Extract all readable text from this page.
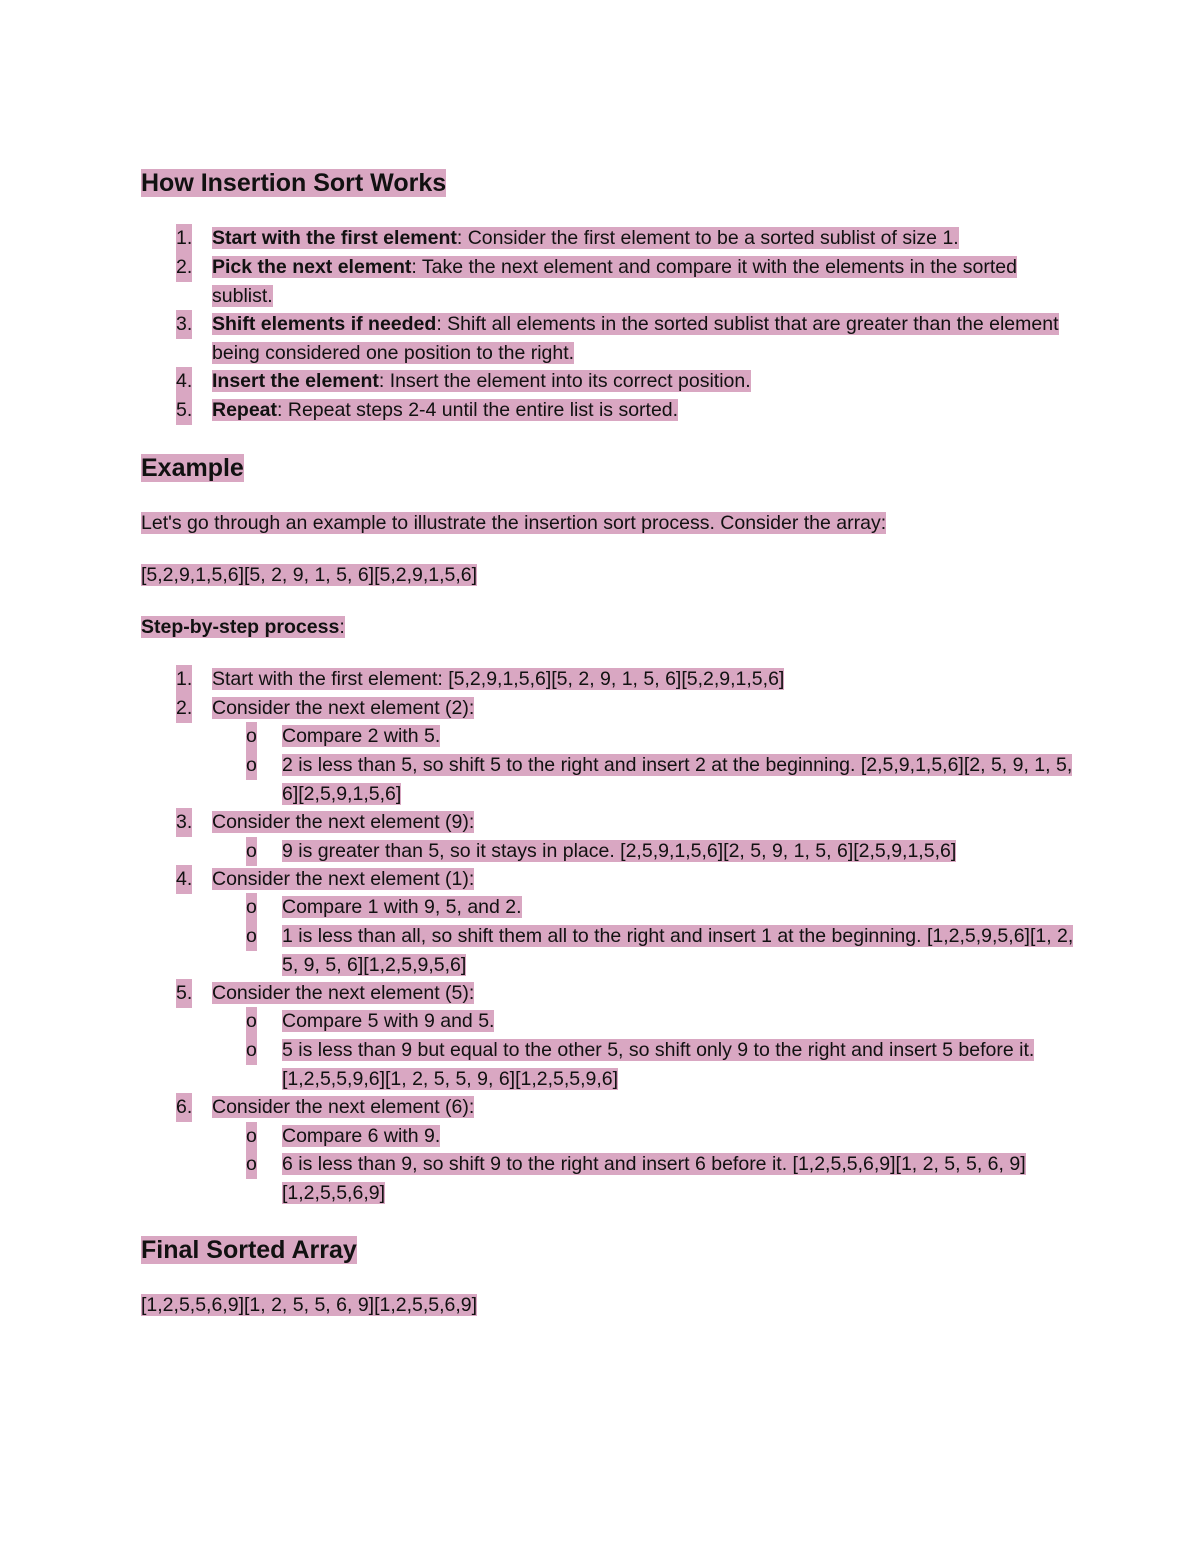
How Insertion Sort Works
1. Start with the first element: Consider the first element to be a sorted sublist of size 1.
2. Pick the next element: Take the next element and compare it with the elements in the sorted sublist.
3. Shift elements if needed: Shift all elements in the sorted sublist that are greater than the element being considered one position to the right.
4. Insert the element: Insert the element into its correct position.
5. Repeat: Repeat steps 2-4 until the entire list is sorted.
Example

Let's go through an example to illustrate the insertion sort process. Consider the array:

[5,2,9,1,5,6][5, 2, 9, 1, 5, 6][5,2,9,1,5,6]

Step-by-step process:

1. Start with the first element: [5,2,9,1,5,6][5, 2, 9, 1, 5, 6][5,2,9,1,5,6]
2. Consider the next element (2):
o Compare 2 with 5.
o 2 is less than 5, so shift 5 to the right and insert 2 at the beginning. [2,5,9,1,5,6][2, 5, 9, 1, 5, 6][2,5,9,1,5,6]
3. Consider the next element (9):
o 9 is greater than 5, so it stays in place. [2,5,9,1,5,6][2, 5, 9, 1, 5, 6][2,5,9,1,5,6]
4. Consider the next element (1):
o Compare 1 with 9, 5, and 2.
o 1 is less than all, so shift them all to the right and insert 1 at the beginning. [1,2,5,9,5,6][1, 2, 5, 9, 5, 6][1,2,5,9,5,6]
5. Consider the next element (5):
o Compare 5 with 9 and 5.
o 5 is less than 9 but equal to the other 5, so shift only 9 to the right and insert 5 before it. [1,2,5,5,9,6][1, 2, 5, 5, 9, 6][1,2,5,5,9,6]
6. Consider the next element (6):
o Compare 6 with 9.
o 6 is less than 9, so shift 9 to the right and insert 6 before it. [1,2,5,5,6,9][1, 2, 5, 5, 6, 9][1,2,5,5,6,9]
Final Sorted Array

[1,2,5,5,6,9][1, 2, 5, 5, 6, 9][1,2,5,5,6,9]
